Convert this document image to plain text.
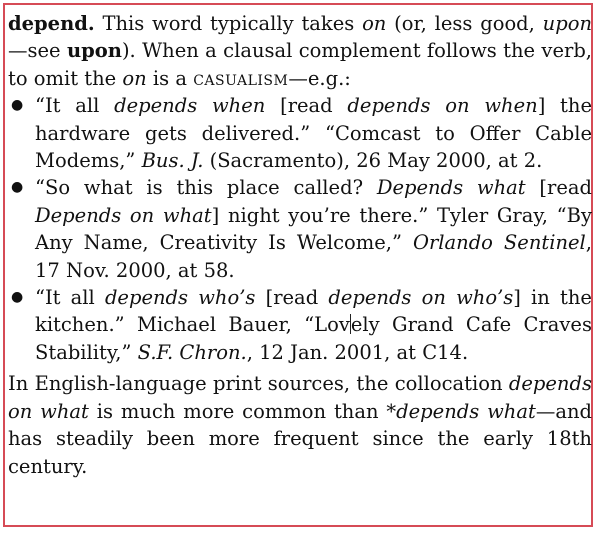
depend. This word typically takes on (or, less good, upon—see upon). When a clausal complement follows the verb, to omit the on is a casualism—e.g.:

● “It all depends when [read depends on when] the hardware gets delivered.” “Comcast to Offer Cable Modems,” Bus. J. (Sacramento), 26 May 2000, at 2.
● “So what is this place called? Depends what [read Depends on what] night you’re there.” Tyler Gray, “By Any Name, Creativity Is Welcome,” Orlando Sentinel, 17 Nov. 2000, at 58.
● “It all depends who’s [read depends on who’s] in the kitchen.” Michael Bauer, “Lovely Grand Cafe Craves Stability,” S.F. Chron., 12 Jan. 2001, at C14.

In English-language print sources, the collocation depends on what is much more common than *depends what—and has steadily been more frequent since the early 18th century.
